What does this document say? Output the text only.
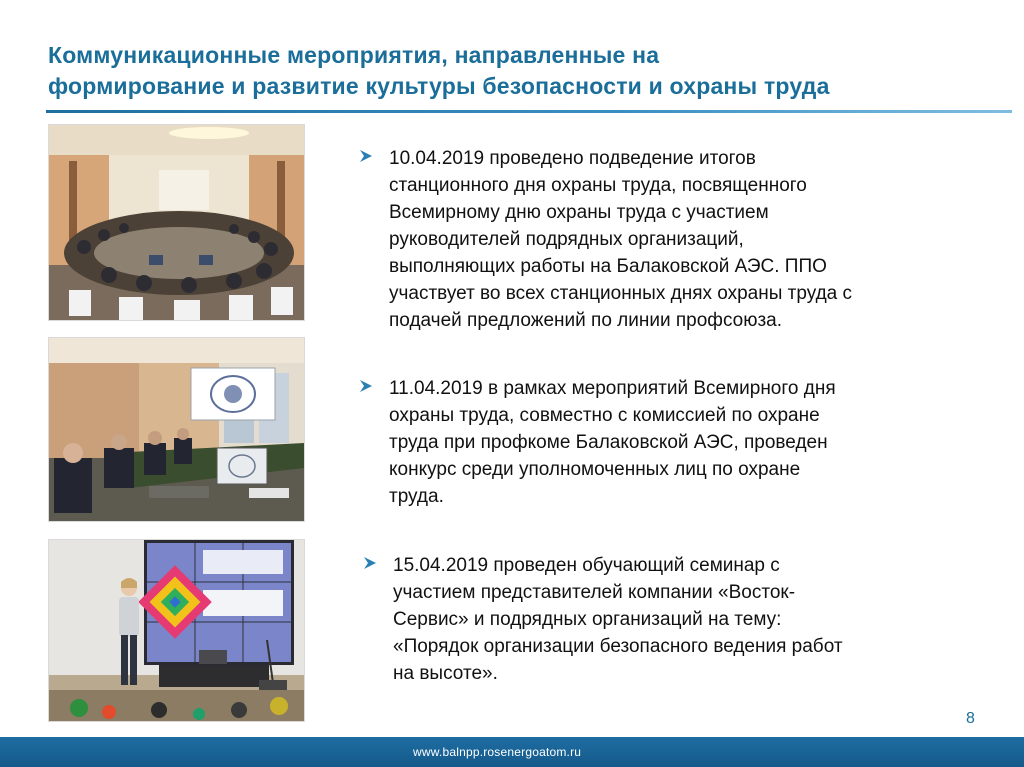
Коммуникационные мероприятия, направленные на
формирование и развитие культуры безопасности и охраны труда

10.04.2019 проведено подведение итогов
станционного дня охраны труда, посвященного
Всемирному дню охраны труда с участием
руководителей подрядных организаций,
выполняющих работы на Балаковской АЭС. ППО
участвует во всех станционных днях охраны труда с
подачей предложений по линии профсоюза.

11.04.2019 в рамках мероприятий Всемирного дня
охраны труда, совместно с комиссией по охране
труда при профкоме Балаковской АЭС, проведен
конкурс среди уполномоченных лиц по охране
труда.

15.04.2019 проведен обучающий семинар с
участием представителей компании «Восток-
Сервис» и подрядных организаций на тему:
«Порядок организации безопасного ведения работ
на высоте».

8
www.balnpp.rosenergoatom.ru
